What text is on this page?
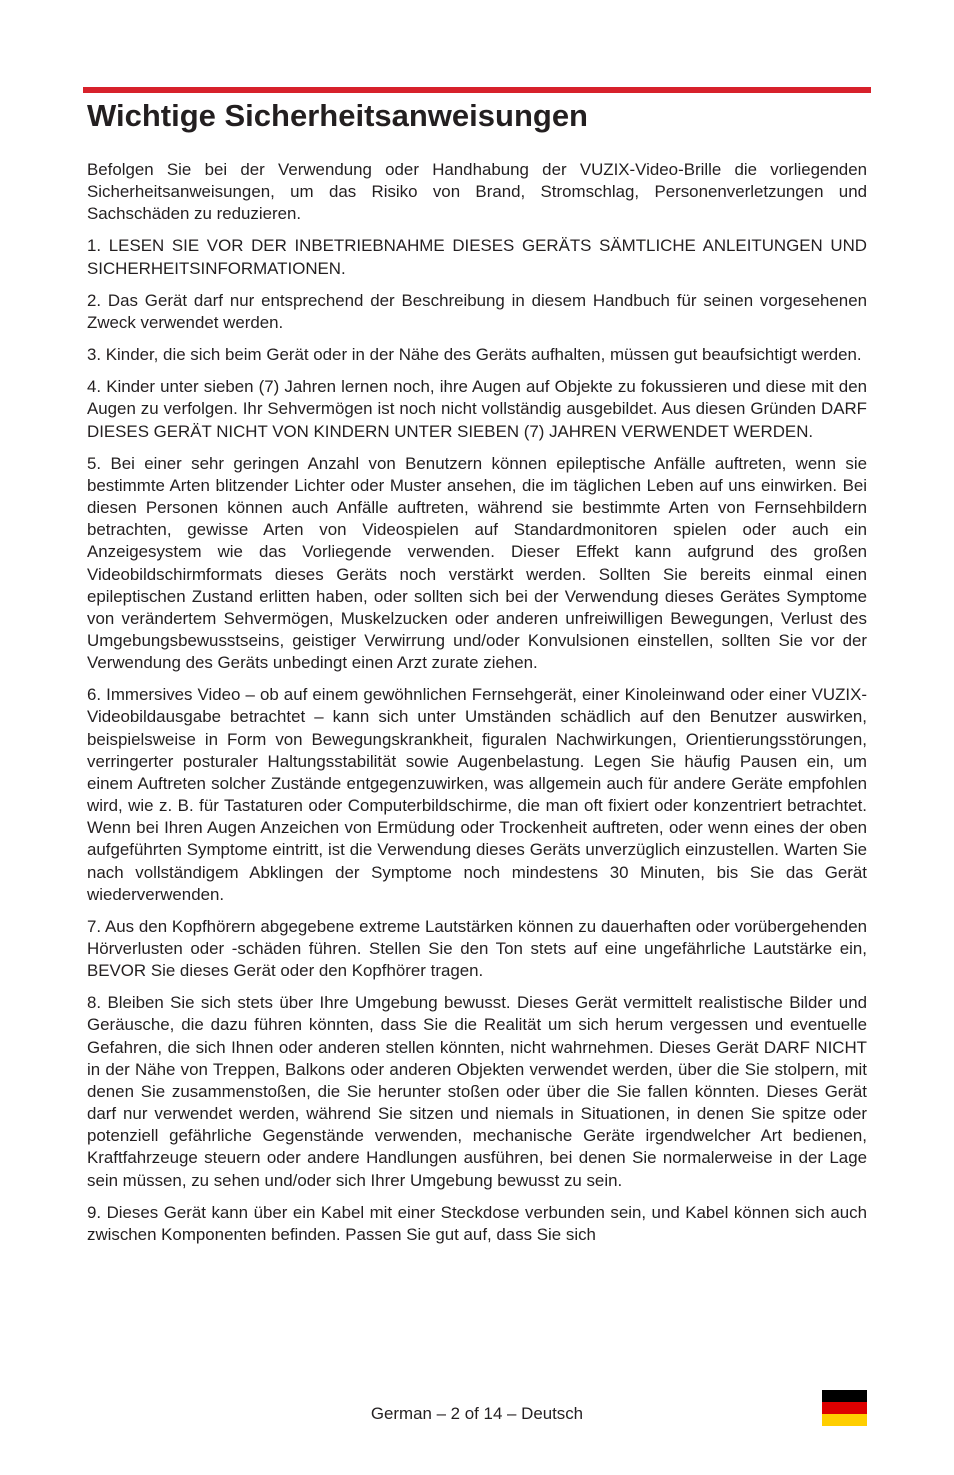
Wichtige Sicherheitsanweisungen

Befolgen Sie bei der Verwendung oder Handhabung der VUZIX-Video-Brille die vorliegenden Sicherheitsanweisungen, um das Risiko von Brand, Stromschlag, Personenverletzungen und Sachschäden zu reduzieren.

1. LESEN SIE VOR DER INBETRIEBNAHME DIESES GERÄTS SÄMTLICHE ANLEITUNGEN UND SICHERHEITSINFORMATIONEN.

2. Das Gerät darf nur entsprechend der Beschreibung in diesem Handbuch für seinen vorgesehenen Zweck verwendet werden.

3. Kinder, die sich beim Gerät oder in der Nähe des Geräts aufhalten, müssen gut beaufsichtigt werden.

4. Kinder unter sieben (7) Jahren lernen noch, ihre Augen auf Objekte zu fokussieren und diese mit den Augen zu verfolgen. Ihr Sehvermögen ist noch nicht vollständig ausgebildet. Aus diesen Gründen DARF DIESES GERÄT NICHT VON KINDERN UNTER SIEBEN (7) JAHREN VERWENDET WERDEN.

5. Bei einer sehr geringen Anzahl von Benutzern können epileptische Anfälle auftreten, wenn sie bestimmte Arten blitzender Lichter oder Muster ansehen, die im täglichen Leben auf uns einwirken. Bei diesen Personen können auch Anfälle auftreten, während sie bestimmte Arten von Fernsehbildern betrachten, gewisse Arten von Videospielen auf Standardmonitoren spielen oder auch ein Anzeigesystem wie das Vorliegende verwenden. Dieser Effekt kann aufgrund des großen Videobildschirmformats dieses Geräts noch verstärkt werden. Sollten Sie bereits einmal einen epileptischen Zustand erlitten haben, oder sollten sich bei der Verwendung dieses Gerätes Symptome von verändertem Sehvermögen, Muskelzucken oder anderen unfreiwilligen Bewegungen, Verlust des Umgebungsbewusstseins, geistiger Verwirrung und/oder Konvulsionen einstellen, sollten Sie vor der Verwendung des Geräts unbedingt einen Arzt zurate ziehen.

6. Immersives Video – ob auf einem gewöhnlichen Fernsehgerät, einer Kinoleinwand oder einer VUZIX-Videobildausgabe betrachtet – kann sich unter Umständen schädlich auf den Benutzer auswirken, beispielsweise in Form von Bewegungskrankheit, figuralen Nachwirkungen, Orientierungsstörungen, verringerter posturaler Haltungsstabilität sowie Augenbelastung. Legen Sie häufig Pausen ein, um einem Auftreten solcher Zustände entgegenzuwirken, was allgemein auch für andere Geräte empfohlen wird, wie z. B. für Tastaturen oder Computerbildschirme, die man oft fixiert oder konzentriert betrachtet. Wenn bei Ihren Augen Anzeichen von Ermüdung oder Trockenheit auftreten, oder wenn eines der oben aufgeführten Symptome eintritt, ist die Verwendung dieses Geräts unverzüglich einzustellen. Warten Sie nach vollständigem Abklingen der Symptome noch mindestens 30 Minuten, bis Sie das Gerät wiederverwenden.

7. Aus den Kopfhörern abgegebene extreme Lautstärken können zu dauerhaften oder vorübergehenden Hörverlusten oder -schäden führen. Stellen Sie den Ton stets auf eine ungefährliche Lautstärke ein, BEVOR Sie dieses Gerät oder den Kopfhörer tragen.

8. Bleiben Sie sich stets über Ihre Umgebung bewusst. Dieses Gerät vermittelt realistische Bilder und Geräusche, die dazu führen könnten, dass Sie die Realität um sich herum vergessen und eventuelle Gefahren, die sich Ihnen oder anderen stellen könnten, nicht wahrnehmen. Dieses Gerät DARF NICHT in der Nähe von Treppen, Balkons oder anderen Objekten verwendet werden, über die Sie stolpern, mit denen Sie zusammenstoßen, die Sie herunter stoßen oder über die Sie fallen könnten. Dieses Gerät darf nur verwendet werden, während Sie sitzen und niemals in Situationen, in denen Sie spitze oder potenziell gefährliche Gegenstände verwenden, mechanische Geräte irgendwelcher Art bedienen, Kraftfahrzeuge steuern oder andere Handlungen ausführen, bei denen Sie normalerweise in der Lage sein müssen, zu sehen und/oder sich Ihrer Umgebung bewusst zu sein.

9. Dieses Gerät kann über ein Kabel mit einer Steckdose verbunden sein, und Kabel können sich auch zwischen Komponenten befinden. Passen Sie gut auf, dass Sie sich

German – 2 of 14 – Deutsch
